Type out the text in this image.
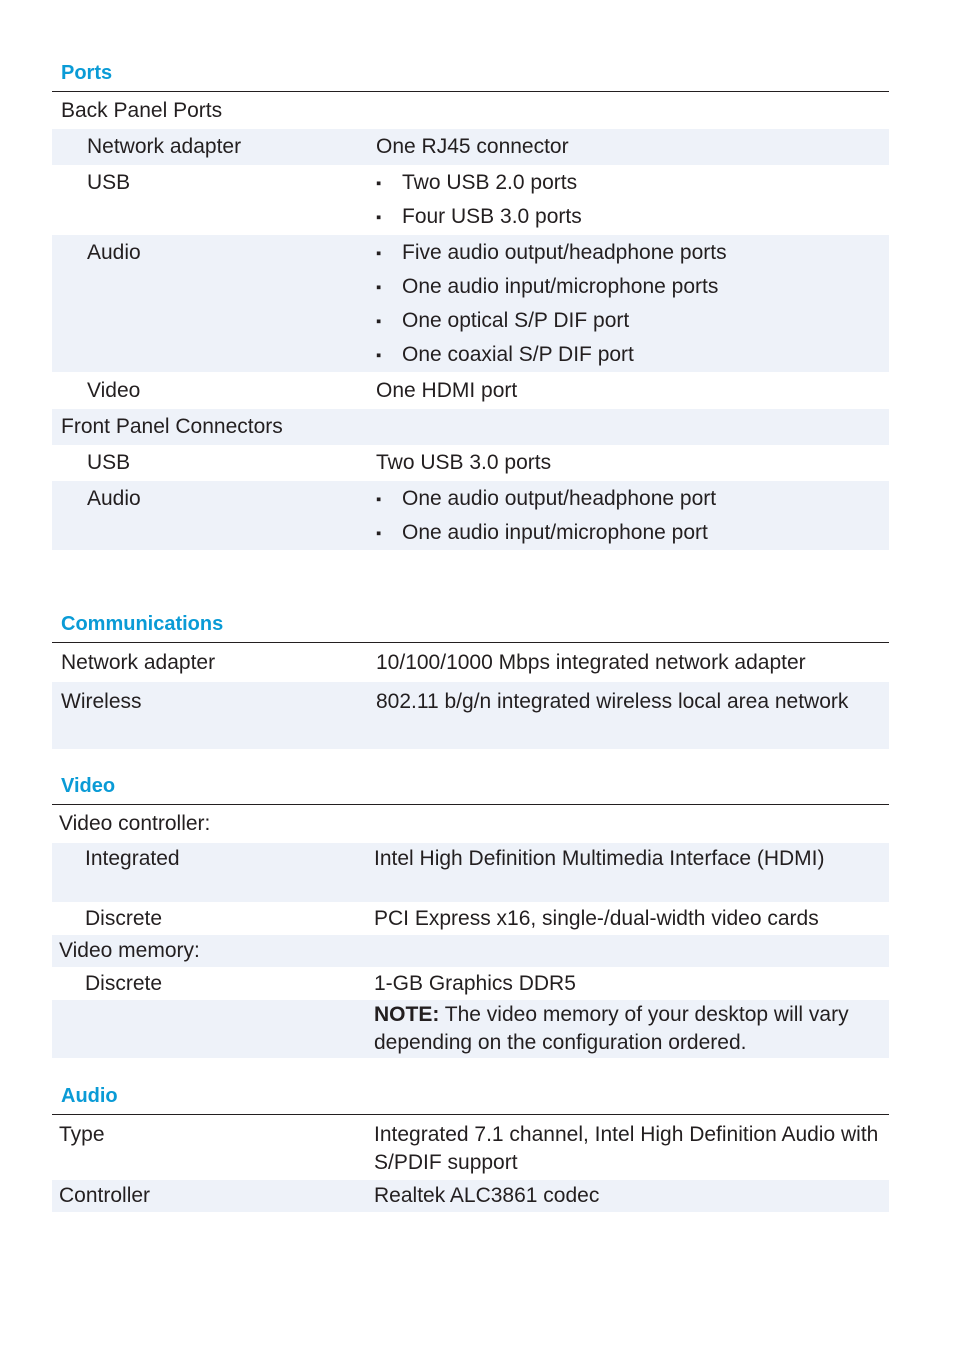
Ports
Back Panel Ports
Network adapter	One RJ45 connector
USB	▪ Two USB 2.0 ports
▪ Four USB 3.0 ports
Audio	▪ Five audio output/headphone ports
▪ One audio input/microphone ports
▪ One optical S/P DIF port
▪ One coaxial S/P DIF port
Video	One HDMI port
Front Panel Connectors
USB	Two USB 3.0 ports
Audio	▪ One audio output/headphone port
▪ One audio input/microphone port
Communications
Network adapter	10/100/1000 Mbps integrated network adapter
Wireless	802.11 b/g/n integrated wireless local area network
Video
Video controller:
Integrated	Intel High Definition Multimedia Interface (HDMI)
Discrete	PCI Express x16, single-/dual-width video cards
Video memory:
Discrete	1-GB Graphics DDR5
NOTE: The video memory of your desktop will vary depending on the configuration ordered.
Audio
Type	Integrated 7.1 channel, Intel High Definition Audio with S/PDIF support
Controller	Realtek ALC3861 codec
